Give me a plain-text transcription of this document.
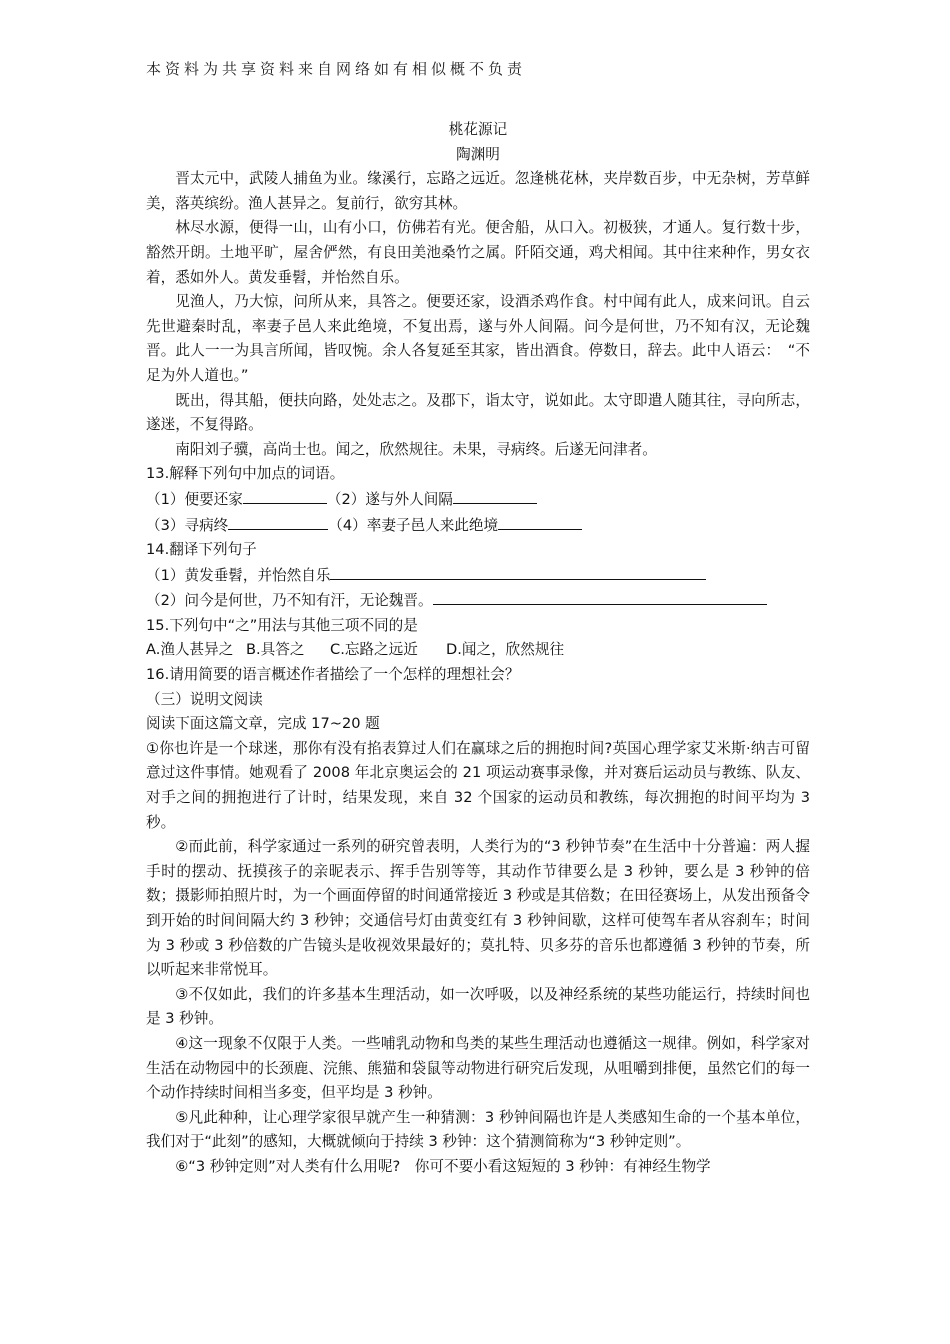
本资料为共享资料来自网络如有相似概不负责

桃花源记

陶渊明

晋太元中，武陵人捕鱼为业。缘溪行，忘路之远近。忽逢桃花林，夹岸数百步，中无杂树，芳草鲜美，落英缤纷。渔人甚异之。复前行，欲穷其林。

林尽水源，便得一山，山有小口，仿佛若有光。便舍船，从口入。初极狭，才通人。复行数十步，豁然开朗。土地平旷，屋舍俨然，有良田美池桑竹之属。阡陌交通，鸡犬相闻。其中往来种作，男女衣着，悉如外人。黄发垂髫，并怡然自乐。

见渔人，乃大惊，问所从来，具答之。便要还家，设酒杀鸡作食。村中闻有此人，成来问讯。自云先世避秦时乱，率妻子邑人来此绝境，不复出焉，遂与外人间隔。问今是何世，乃不知有汉，无论魏晋。此人一一为具言所闻，皆叹惋。余人各复延至其家，皆出酒食。停数日，辞去。此中人语云：　“不足为外人道也。”

既出，得其船，便扶向路，处处志之。及郡下，诣太守，说如此。太守即遣人随其往，寻向所志，遂迷，不复得路。

南阳刘子骥，高尚士也。闻之，欣然规往。未果，寻病终。后遂无问津者。

13.解释下列句中加点的词语。

（1）便要还家	（2）遂与外人间隔

（3）寻病终	（4）率妻子邑人来此绝境

14.翻译下列句子

（1）黄发垂髫，并怡然自乐

（2）问今是何世，乃不知有汗，无论魏晋。

15.下列句中“之”用法与其他三项不同的是

A.渔人甚异之 B.具答之 C.忘路之远近 D.闻之，欣然规往

16.请用简要的语言概述作者描绘了一个怎样的理想社会？

（三）说明文阅读

阅读下面这篇文章，完成 17~20 题

①你也许是一个球迷，那你有没有掐表算过人们在赢球之后的拥抱时间?英国心理学家艾米斯·纳吉可留意过这件事情。她观看了 2008 年北京奥运会的 21 项运动赛事录像，并对赛后运动员与教练、队友、对手之间的拥抱进行了计时，结果发现，来自 32 个国家的运动员和教练，每次拥抱的时间平均为 3 秒。

②而此前，科学家通过一系列的研究曾表明，人类行为的“3 秒钟节奏”在生活中十分普遍：两人握手时的摆动、抚摸孩子的亲昵表示、挥手告别等等，其动作节律要么是 3 秒钟，要么是 3 秒钟的倍数；摄影师拍照片时，为一个画面停留的时间通常接近 3 秒或是其倍数；在田径赛场上，从发出预备令到开始的时间间隔大约 3 秒钟；交通信号灯由黄变红有 3 秒钟间歇，这样可使驾车者从容刹车；时间为 3 秒或 3 秒倍数的广告镜头是收视效果最好的；莫扎特、贝多芬的音乐也都遵循 3 秒钟的节奏，所以听起来非常悦耳。

③不仅如此，我们的许多基本生理活动，如一次呼吸，以及神经系统的某些功能运行，持续时间也是 3 秒钟。

④这一现象不仅限于人类。一些哺乳动物和鸟类的某些生理活动也遵循这一规律。例如，科学家对生活在动物园中的长颈鹿、浣熊、熊猫和袋鼠等动物进行研究后发现，从咀嚼到排便，虽然它们的每一个动作持续时间相当多变，但平均是 3 秒钟。

⑤凡此种种，让心理学家很早就产生一种猜测：3 秒钟间隔也许是人类感知生命的一个基本单位，我们对于“此刻”的感知，大概就倾向于持续 3 秒钟：这个猜测简称为“3 秒钟定则”。

⑥“3 秒钟定则”对人类有什么用呢?　你可不要小看这短短的 3 秒钟：有神经生物学
